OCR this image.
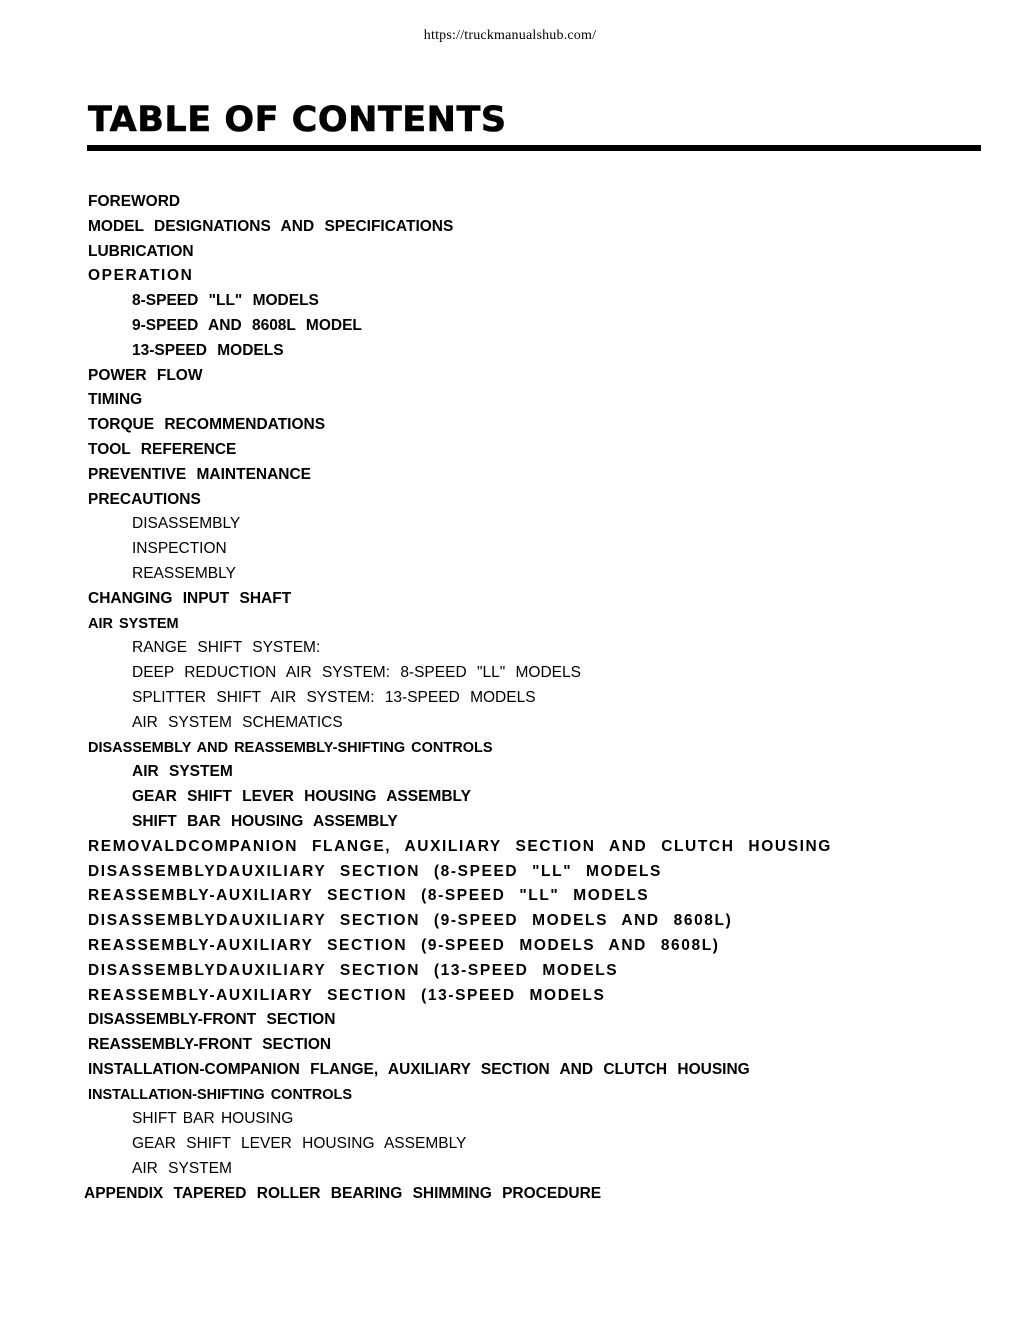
https://truckmanualshub.com/
TABLE OF CONTENTS
FOREWORD
MODEL DESIGNATIONS AND SPECIFICATIONS
LUBRICATION
OPERATION
8-SPEED "LL" MODELS
9-SPEED AND 8608L MODEL
13-SPEED MODELS
POWER FLOW
TIMING
TORQUE RECOMMENDATIONS
TOOL REFERENCE
PREVENTIVE MAINTENANCE
PRECAUTIONS
DISASSEMBLY
INSPECTION
REASSEMBLY
CHANGING INPUT SHAFT
AIR SYSTEM
RANGE SHIFT SYSTEM:
DEEP REDUCTION AIR SYSTEM: 8-SPEED "LL" MODELS
SPLITTER SHIFT AIR SYSTEM: 13-SPEED MODELS
AIR SYSTEM SCHEMATICS
DISASSEMBLY AND REASSEMBLY-SHIFTING CONTROLS
AIR SYSTEM
GEAR SHIFT LEVER HOUSING ASSEMBLY
SHIFT BAR HOUSING ASSEMBLY
REMOVALDCOMPANION FLANGE, AUXILIARY SECTION AND CLUTCH HOUSING
DISASSEMBLYDAUXILIARY SECTION (8-SPEED "LL" MODELS
REASSEMBLY-AUXILIARY SECTION (8-SPEED "LL" MODELS
DISASSEMBLYDAUXILIARY SECTION (9-SPEED MODELS AND 8608L)
REASSEMBLY-AUXILIARY SECTION (9-SPEED MODELS AND 8608L)
DISASSEMBLYDAUXILIARY SECTION (13-SPEED MODELS
REASSEMBLY-AUXILIARY SECTION (13-SPEED MODELS
DISASSEMBLY-FRONT SECTION
REASSEMBLY-FRONT SECTION
INSTALLATION-COMPANION FLANGE, AUXILIARY SECTION AND CLUTCH HOUSING
INSTALLATION-SHIFTING CONTROLS
SHIFT BAR HOUSING
GEAR SHIFT LEVER HOUSING ASSEMBLY
AIR SYSTEM
APPENDIX TAPERED ROLLER BEARING SHIMMING PROCEDURE
